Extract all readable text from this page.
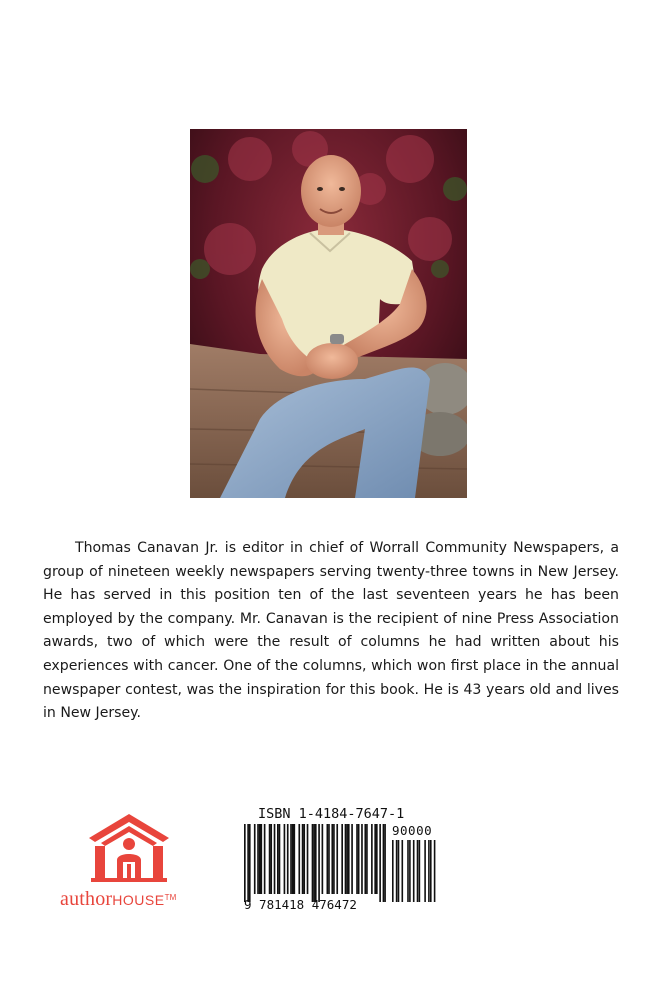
Thomas Canavan Jr. is editor in chief of Worrall Community Newspapers, a group of nineteen weekly newspapers serving twenty-three towns in New Jersey. He has served in this position ten of the last seventeen years he has been employed by the company. Mr. Canavan is the recipient of nine Press Association awards, two of which were the result of columns he had written about his experiences with cancer. One of the columns, which won first place in the annual newspaper contest, was the inspiration for this book. He is 43 years old and lives in New Jersey.

authorHOUSE™
ISBN 1-4184-7647-1
9 781418 476472
90000
